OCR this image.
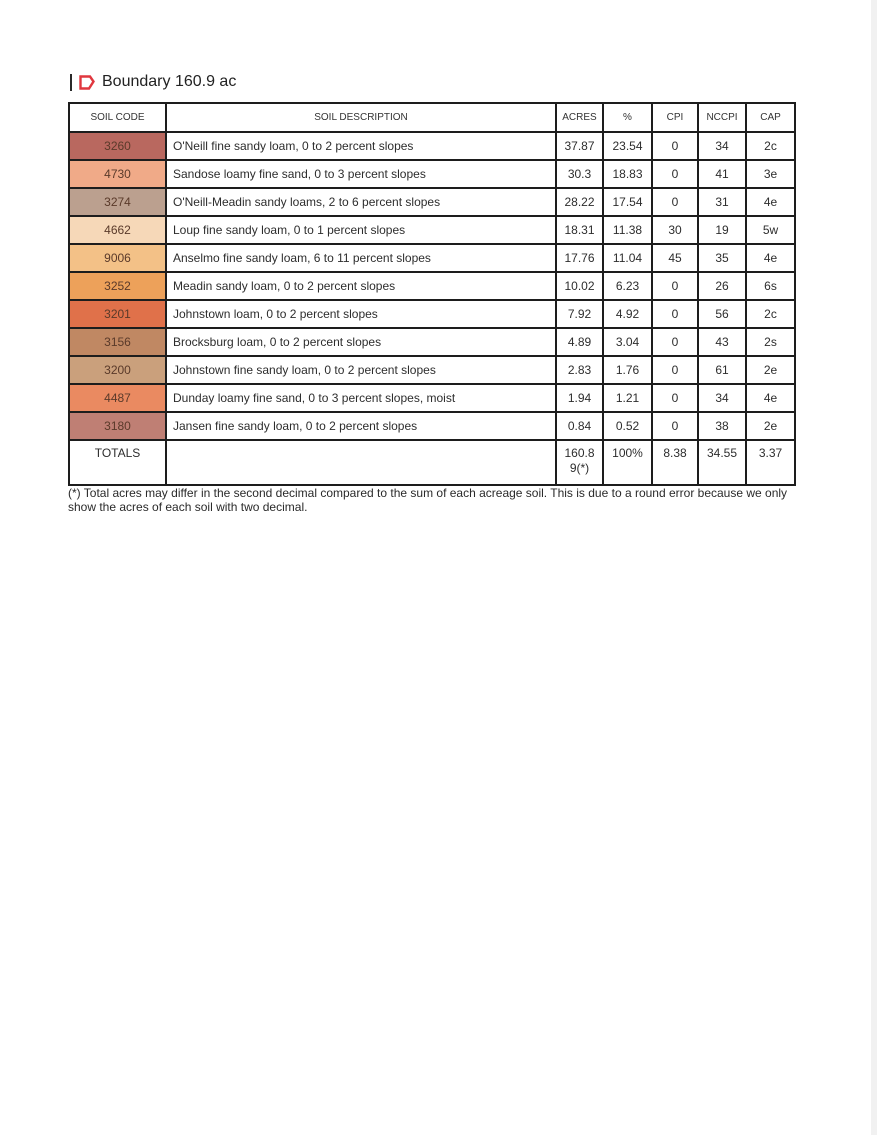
Boundary 160.9 ac
SOIL CODE	SOIL DESCRIPTION	ACRES	%	CPI	NCCPI	CAP

3260	O'Neill fine sandy loam, 0 to 2 percent slopes	37.87	23.54	0	34	2c

4730	Sandose loamy fine sand, 0 to 3 percent slopes	30.3	18.83	0	41	3e

3274	O'Neill-Meadin sandy loams, 2 to 6 percent slopes	28.22	17.54	0	31	4e

4662	Loup fine sandy loam, 0 to 1 percent slopes	18.31	11.38	30	19	5w

9006	Anselmo fine sandy loam, 6 to 11 percent slopes	17.76	11.04	45	35	4e

3252	Meadin sandy loam, 0 to 2 percent slopes	10.02	6.23	0	26	6s

3201	Johnstown loam, 0 to 2 percent slopes	7.92	4.92	0	56	2c

3156	Brocksburg loam, 0 to 2 percent slopes	4.89	3.04	0	43	2s

3200	Johnstown fine sandy loam, 0 to 2 percent slopes	2.83	1.76	0	61	2e

4487	Dunday loamy fine sand, 0 to 3 percent slopes, moist	1.94	1.21	0	34	4e

3180	Jansen fine sandy loam, 0 to 2 percent slopes	0.84	0.52	0	38	2e
TOTALS		160.8 9(*)	100%	8.38	34.55	3.37
(*) Total acres may differ in the second decimal compared to the sum of each acreage soil. This is due to a round error because we only show the acres of each soil with two decimal.
